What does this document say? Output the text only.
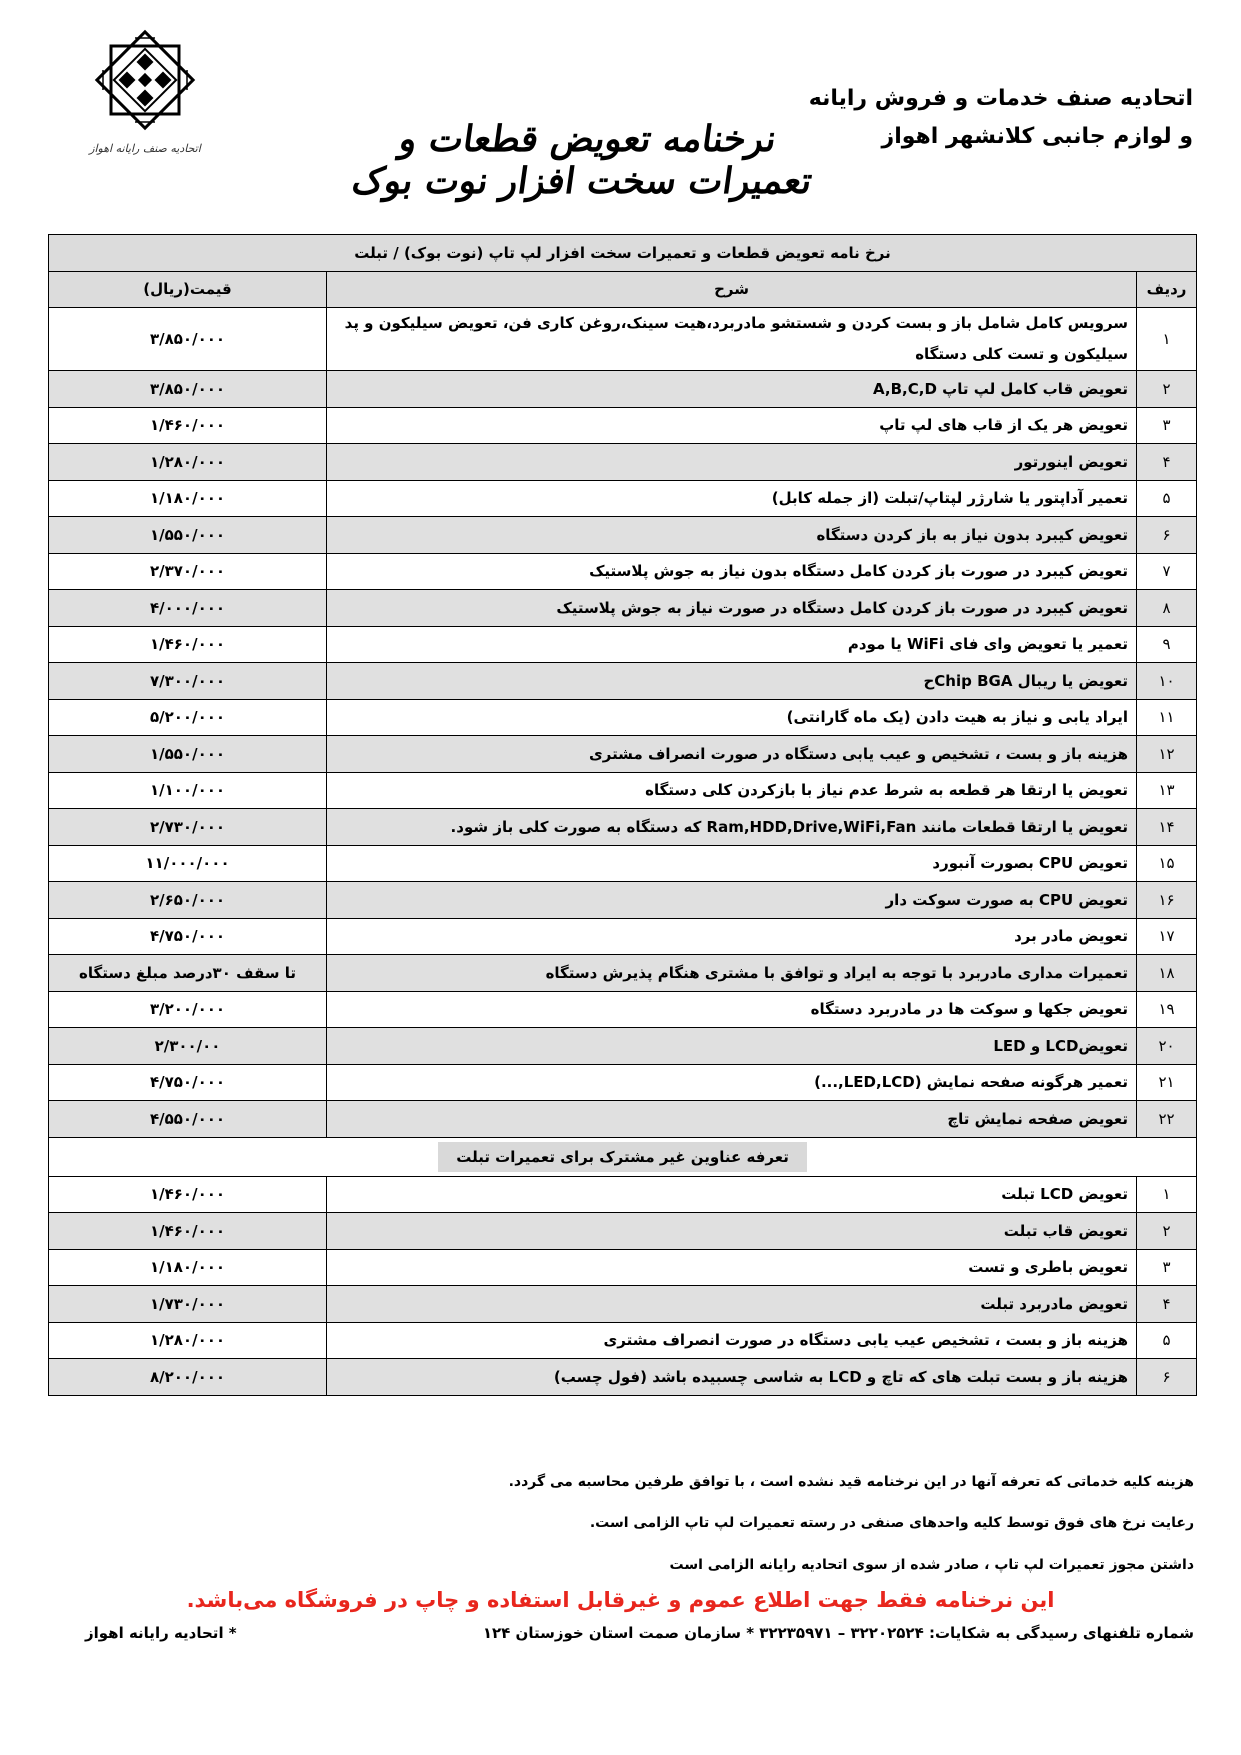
اتحادیه صنف رایانه اهواز
اتحادیه صنف خدمات و فروش رایانه
و لوازم جانبی کلانشهر اهواز
نرخنامه تعویض قطعات و تعمیرات سخت افزار نوت بوک
نرخ نامه تعویض قطعات و تعمیرات سخت افزار لپ تاپ (نوت بوک) / تبلت		
ردیف	شرح	قیمت(ریال)
۱	سرویس کامل شامل باز و بست کردن و شستشو مادربرد،هیت سینک،روغن کاری فن، تعویض سیلیکون و پد سیلیکون و تست کلی دستگاه	۳/۸۵۰/۰۰۰
۲	تعویض قاب کامل لپ تاپ A,B,C,D	۳/۸۵۰/۰۰۰
۳	تعویض هر یک از قاب های لپ تاپ	۱/۴۶۰/۰۰۰
۴	تعویض اینورتور	۱/۲۸۰/۰۰۰
۵	تعمیر آداپتور یا شارژر لپتاپ/تبلت (از جمله کابل)	۱/۱۸۰/۰۰۰
۶	تعویض کیبرد بدون نیاز به باز کردن دستگاه	۱/۵۵۰/۰۰۰
۷	تعویض کیبرد در صورت باز کردن کامل دستگاه بدون نیاز به جوش پلاستیک	۲/۳۷۰/۰۰۰
۸	تعویض کیبرد در صورت باز کردن کامل دستگاه در صورت نیاز به جوش پلاستیک	۴/۰۰۰/۰۰۰
۹	تعمیر یا تعویض وای فای WiFi یا مودم	۱/۴۶۰/۰۰۰
۱۰	تعویض یا ریبال Chip BGAح	۷/۳۰۰/۰۰۰
۱۱	ایراد یابی و نیاز به هیت دادن (یک ماه گارانتی)	۵/۲۰۰/۰۰۰
۱۲	هزینه باز و بست ، تشخیص و عیب یابی دستگاه در صورت انصراف مشتری	۱/۵۵۰/۰۰۰
۱۳	تعویض یا ارتقا هر قطعه به شرط عدم نیاز با بازکردن کلی دستگاه	۱/۱۰۰/۰۰۰
۱۴	تعویض یا ارتقا قطعات مانند Ram,HDD,Drive,WiFi,Fan که دستگاه به صورت کلی باز شود.	۲/۷۳۰/۰۰۰
۱۵	تعویض CPU بصورت آنبورد	۱۱/۰۰۰/۰۰۰
۱۶	تعویض CPU به صورت سوکت دار	۲/۶۵۰/۰۰۰
۱۷	تعویض مادر برد	۴/۷۵۰/۰۰۰
۱۸	تعمیرات مداری مادربرد با توجه به ایراد و توافق با مشتری هنگام پذیرش دستگاه	تا سقف ۳۰درصد مبلغ دستگاه
۱۹	تعویض جکها و سوکت ها در مادربرد دستگاه	۳/۲۰۰/۰۰۰
۲۰	تعویضLCD و LED	۲/۳۰۰/۰۰
۲۱	تعمیر هرگونه صفحه نمایش (LED,LCD,...)	۴/۷۵۰/۰۰۰
۲۲	تعویض صفحه نمایش تاچ	۴/۵۵۰/۰۰۰
تعرفه عناوین غیر مشترک برای تعمیرات تبلت		
۱	تعویض LCD تبلت	۱/۴۶۰/۰۰۰
۲	تعویض قاب تبلت	۱/۴۶۰/۰۰۰
۳	تعویض باطری و تست	۱/۱۸۰/۰۰۰
۴	تعویض مادربرد تبلت	۱/۷۳۰/۰۰۰
۵	هزینه باز و بست ، تشخیص عیب یابی دستگاه در صورت انصراف مشتری	۱/۲۸۰/۰۰۰
۶	هزینه باز و بست تبلت های که تاچ و LCD به شاسی چسبیده باشد (فول چسب)	۸/۲۰۰/۰۰۰
هزینه کلیه خدماتی که تعرفه آنها در این نرخنامه قید نشده است ، با توافق طرفین محاسبه می گردد.
رعایت نرخ های فوق توسط کلیه واحدهای صنفی در رسته تعمیرات لپ تاپ الزامی است.
داشتن مجوز تعمیرات لپ تاپ ، صادر شده از سوی اتحادیه رایانه الزامی است
این نرخنامه فقط جهت اطلاع عموم و غیرقابل استفاده و چاپ در فروشگاه می‌باشد.
شماره تلفنهای رسیدگی به شکایات: ۳۲۲۰۲۵۲۴ – ۳۲۲۳۵۹۷۱ * سازمان صمت استان خوزستان ۱۲۴
* اتحادیه رایانه اهواز
